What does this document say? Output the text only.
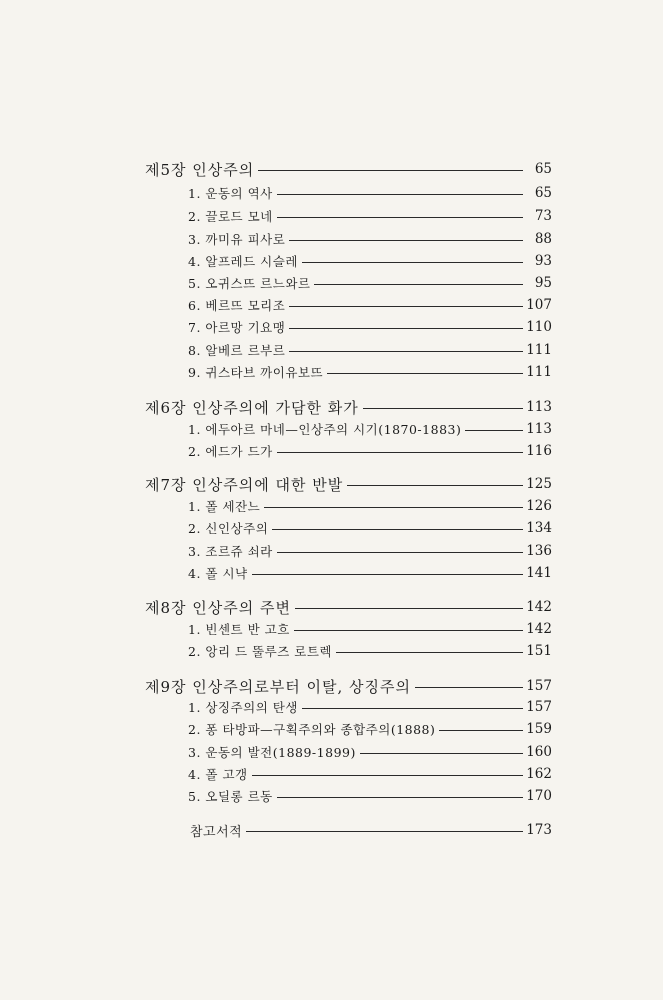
제5장 인상주의	65
1. 운동의 역사	65
2. 끌로드 모네	73
3. 까미유 피사로	88
4. 알프레드 시슬레	93
5. 오귀스뜨 르느와르	95
6. 베르뜨 모리조	107
7. 아르망 기요맹	110
8. 알베르 르부르	111
9. 귀스타브 까이유보뜨	111
제6장 인상주의에 가담한 화가	113
1. 에두아르 마네—인상주의 시기(1870-1883)	113
2. 에드가 드가	116
제7장 인상주의에 대한 반발	125
1. 폴 세잔느	126
2. 신인상주의	134
3. 조르쥬 쇠라	136
4. 폴 시냑	141
제8장 인상주의 주변	142
1. 빈센트 반 고흐	142
2. 앙리 드 뚤루즈 로트렉	151
제9장 인상주의로부터 이탈, 상징주의	157
1. 상징주의의 탄생	157
2. 퐁 타방파—구획주의와 종합주의(1888)	159
3. 운동의 발전(1889-1899)	160
4. 폴 고갱	162
5. 오딜롱 르동	170
참고서적	173
